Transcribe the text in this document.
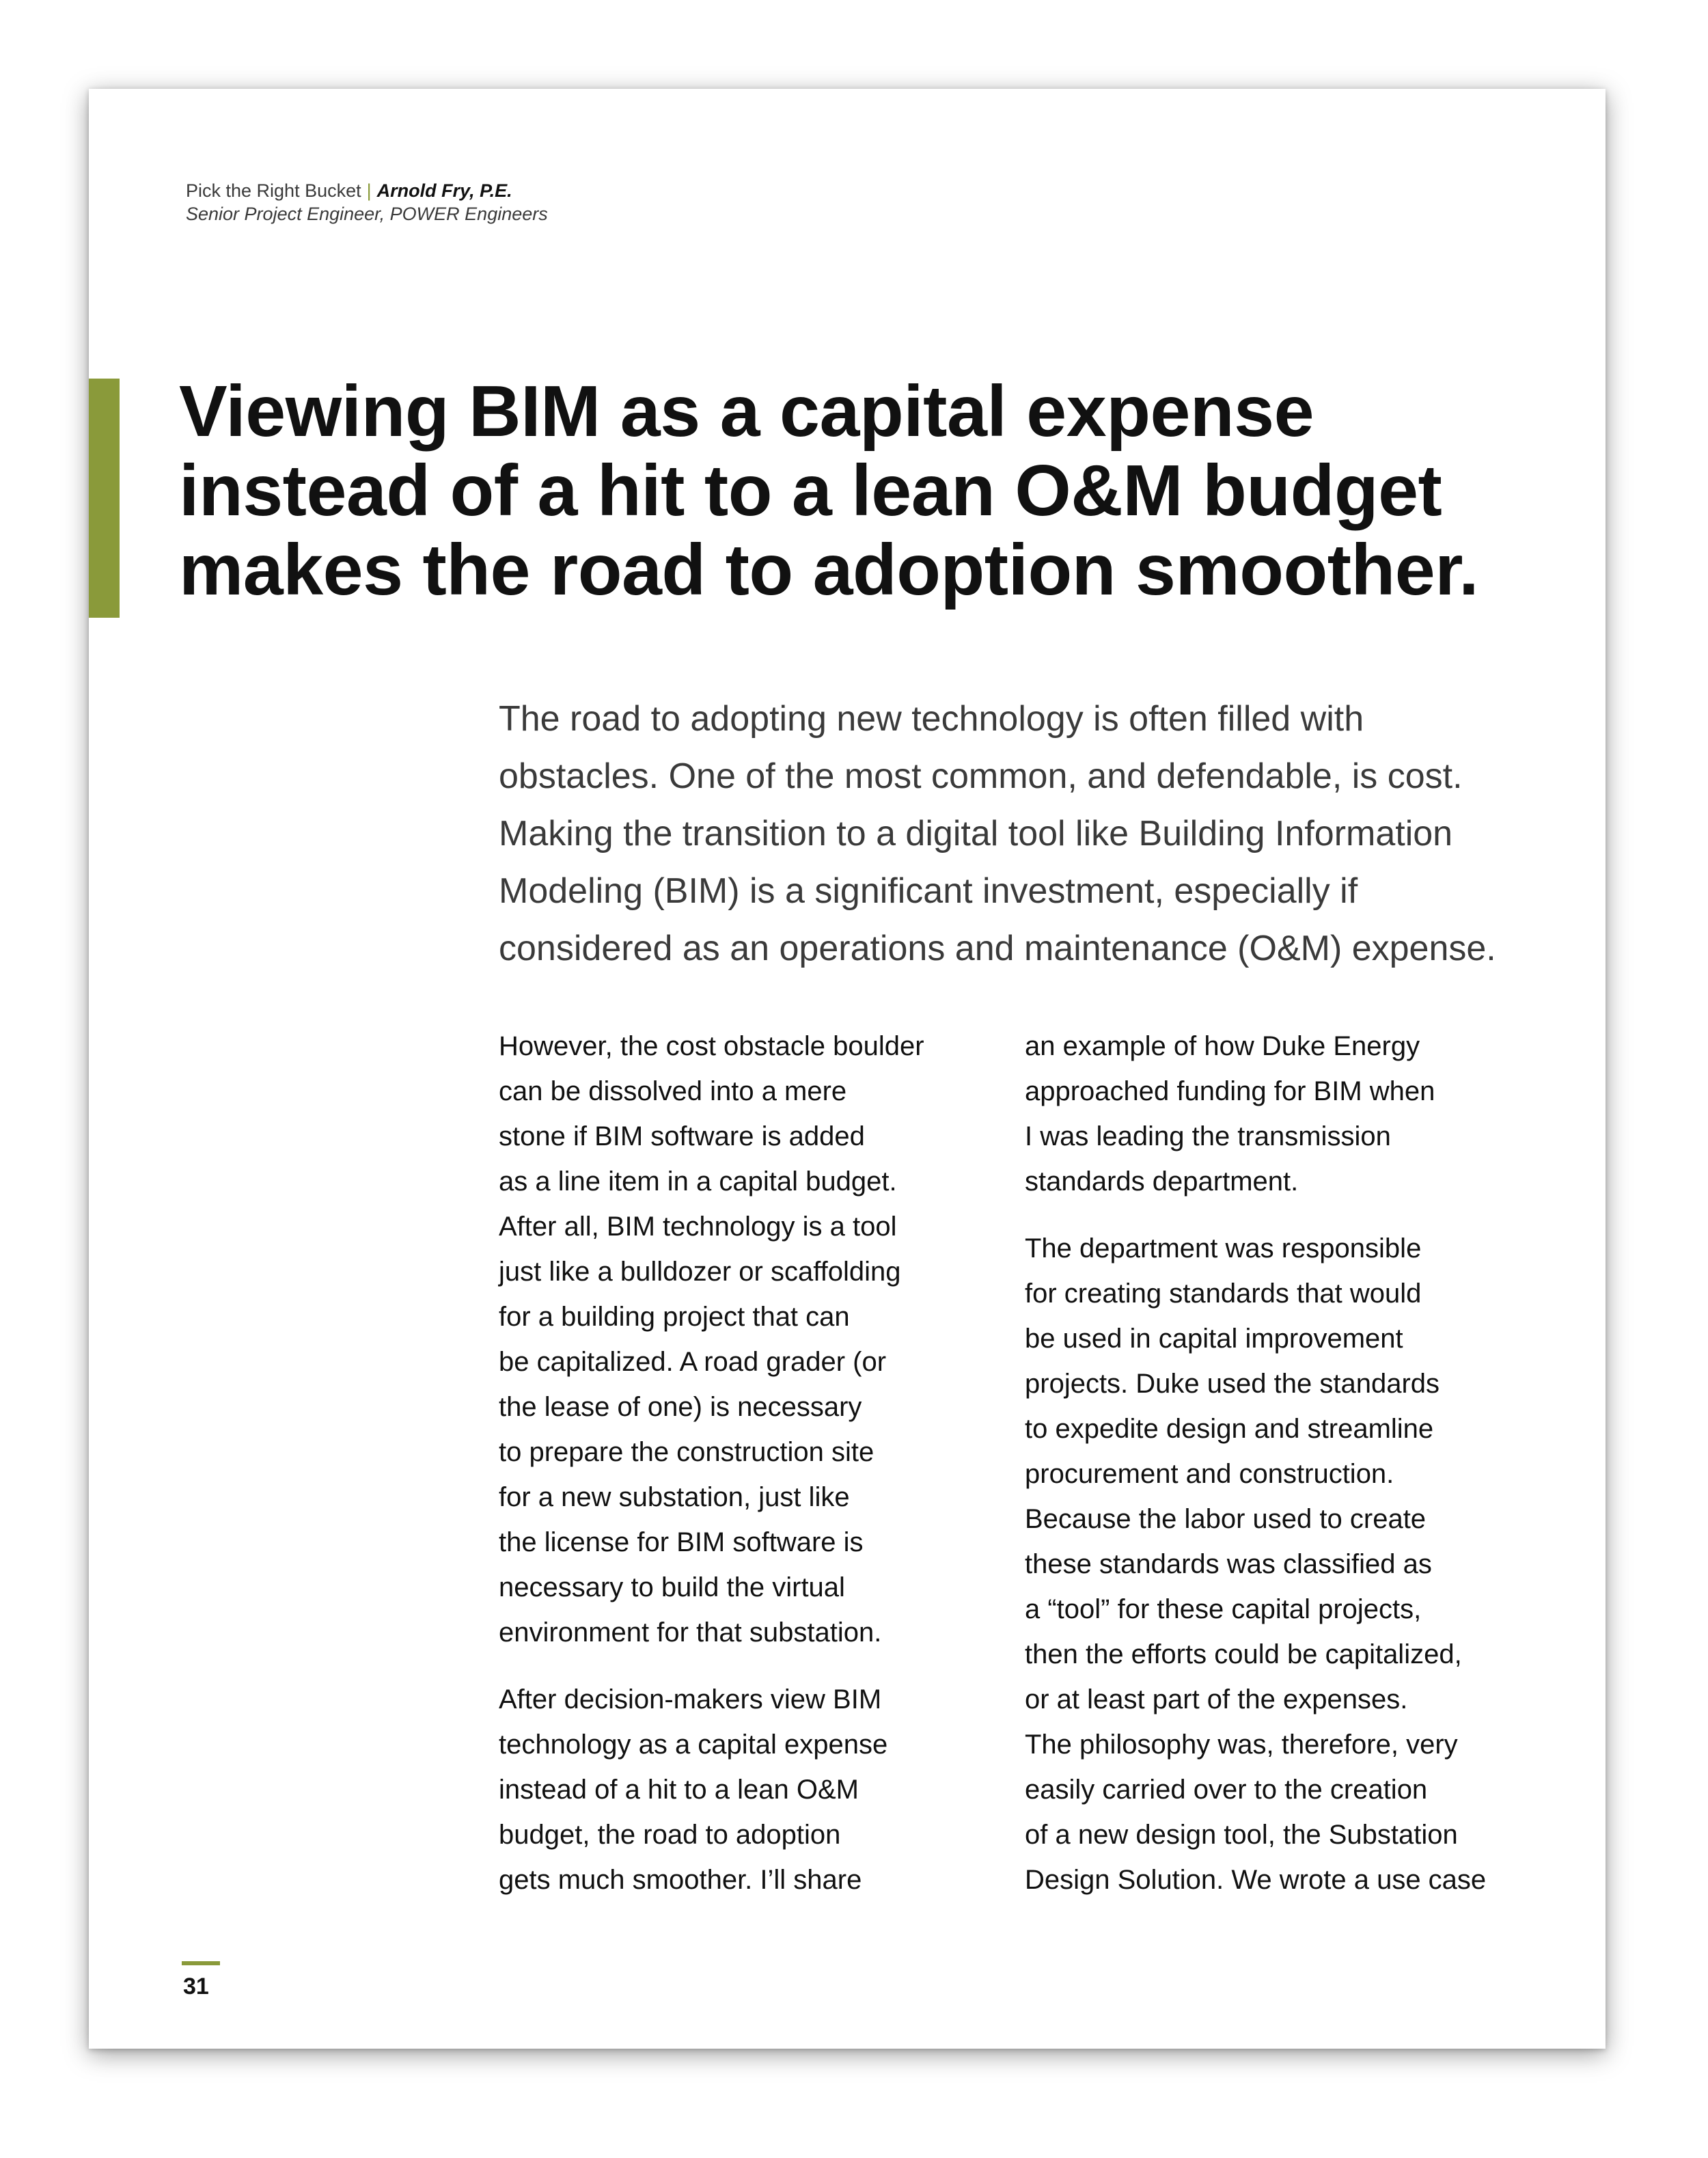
Pick the Right Bucket | Arnold Fry, P.E.
Senior Project Engineer, POWER Engineers
Viewing BIM as a capital expense
instead of a hit to a lean O&M budget
makes the road to adoption smoother.
The road to adopting new technology is often filled with
obstacles. One of the most common, and defendable, is cost.
Making the transition to a digital tool like Building Information
Modeling (BIM) is a significant investment, especially if
considered as an operations and maintenance (O&M) expense.

However, the cost obstacle boulder
can be dissolved into a mere
stone if BIM software is added
as a line item in a capital budget.
After all, BIM technology is a tool
just like a bulldozer or scaffolding
for a building project that can
be capitalized. A road grader (or
the lease of one) is necessary
to prepare the construction site
for a new substation, just like
the license for BIM software is
necessary to build the virtual
environment for that substation.

After decision-makers view BIM
technology as a capital expense
instead of a hit to a lean O&M
budget, the road to adoption
gets much smoother. I’ll share

an example of how Duke Energy
approached funding for BIM when
I was leading the transmission
standards department.

The department was responsible
for creating standards that would
be used in capital improvement
projects. Duke used the standards
to expedite design and streamline
procurement and construction.
Because the labor used to create
these standards was classified as
a “tool” for these capital projects,
then the efforts could be capitalized,
or at least part of the expenses.
The philosophy was, therefore, very
easily carried over to the creation
of a new design tool, the Substation
Design Solution. We wrote a use case

31
